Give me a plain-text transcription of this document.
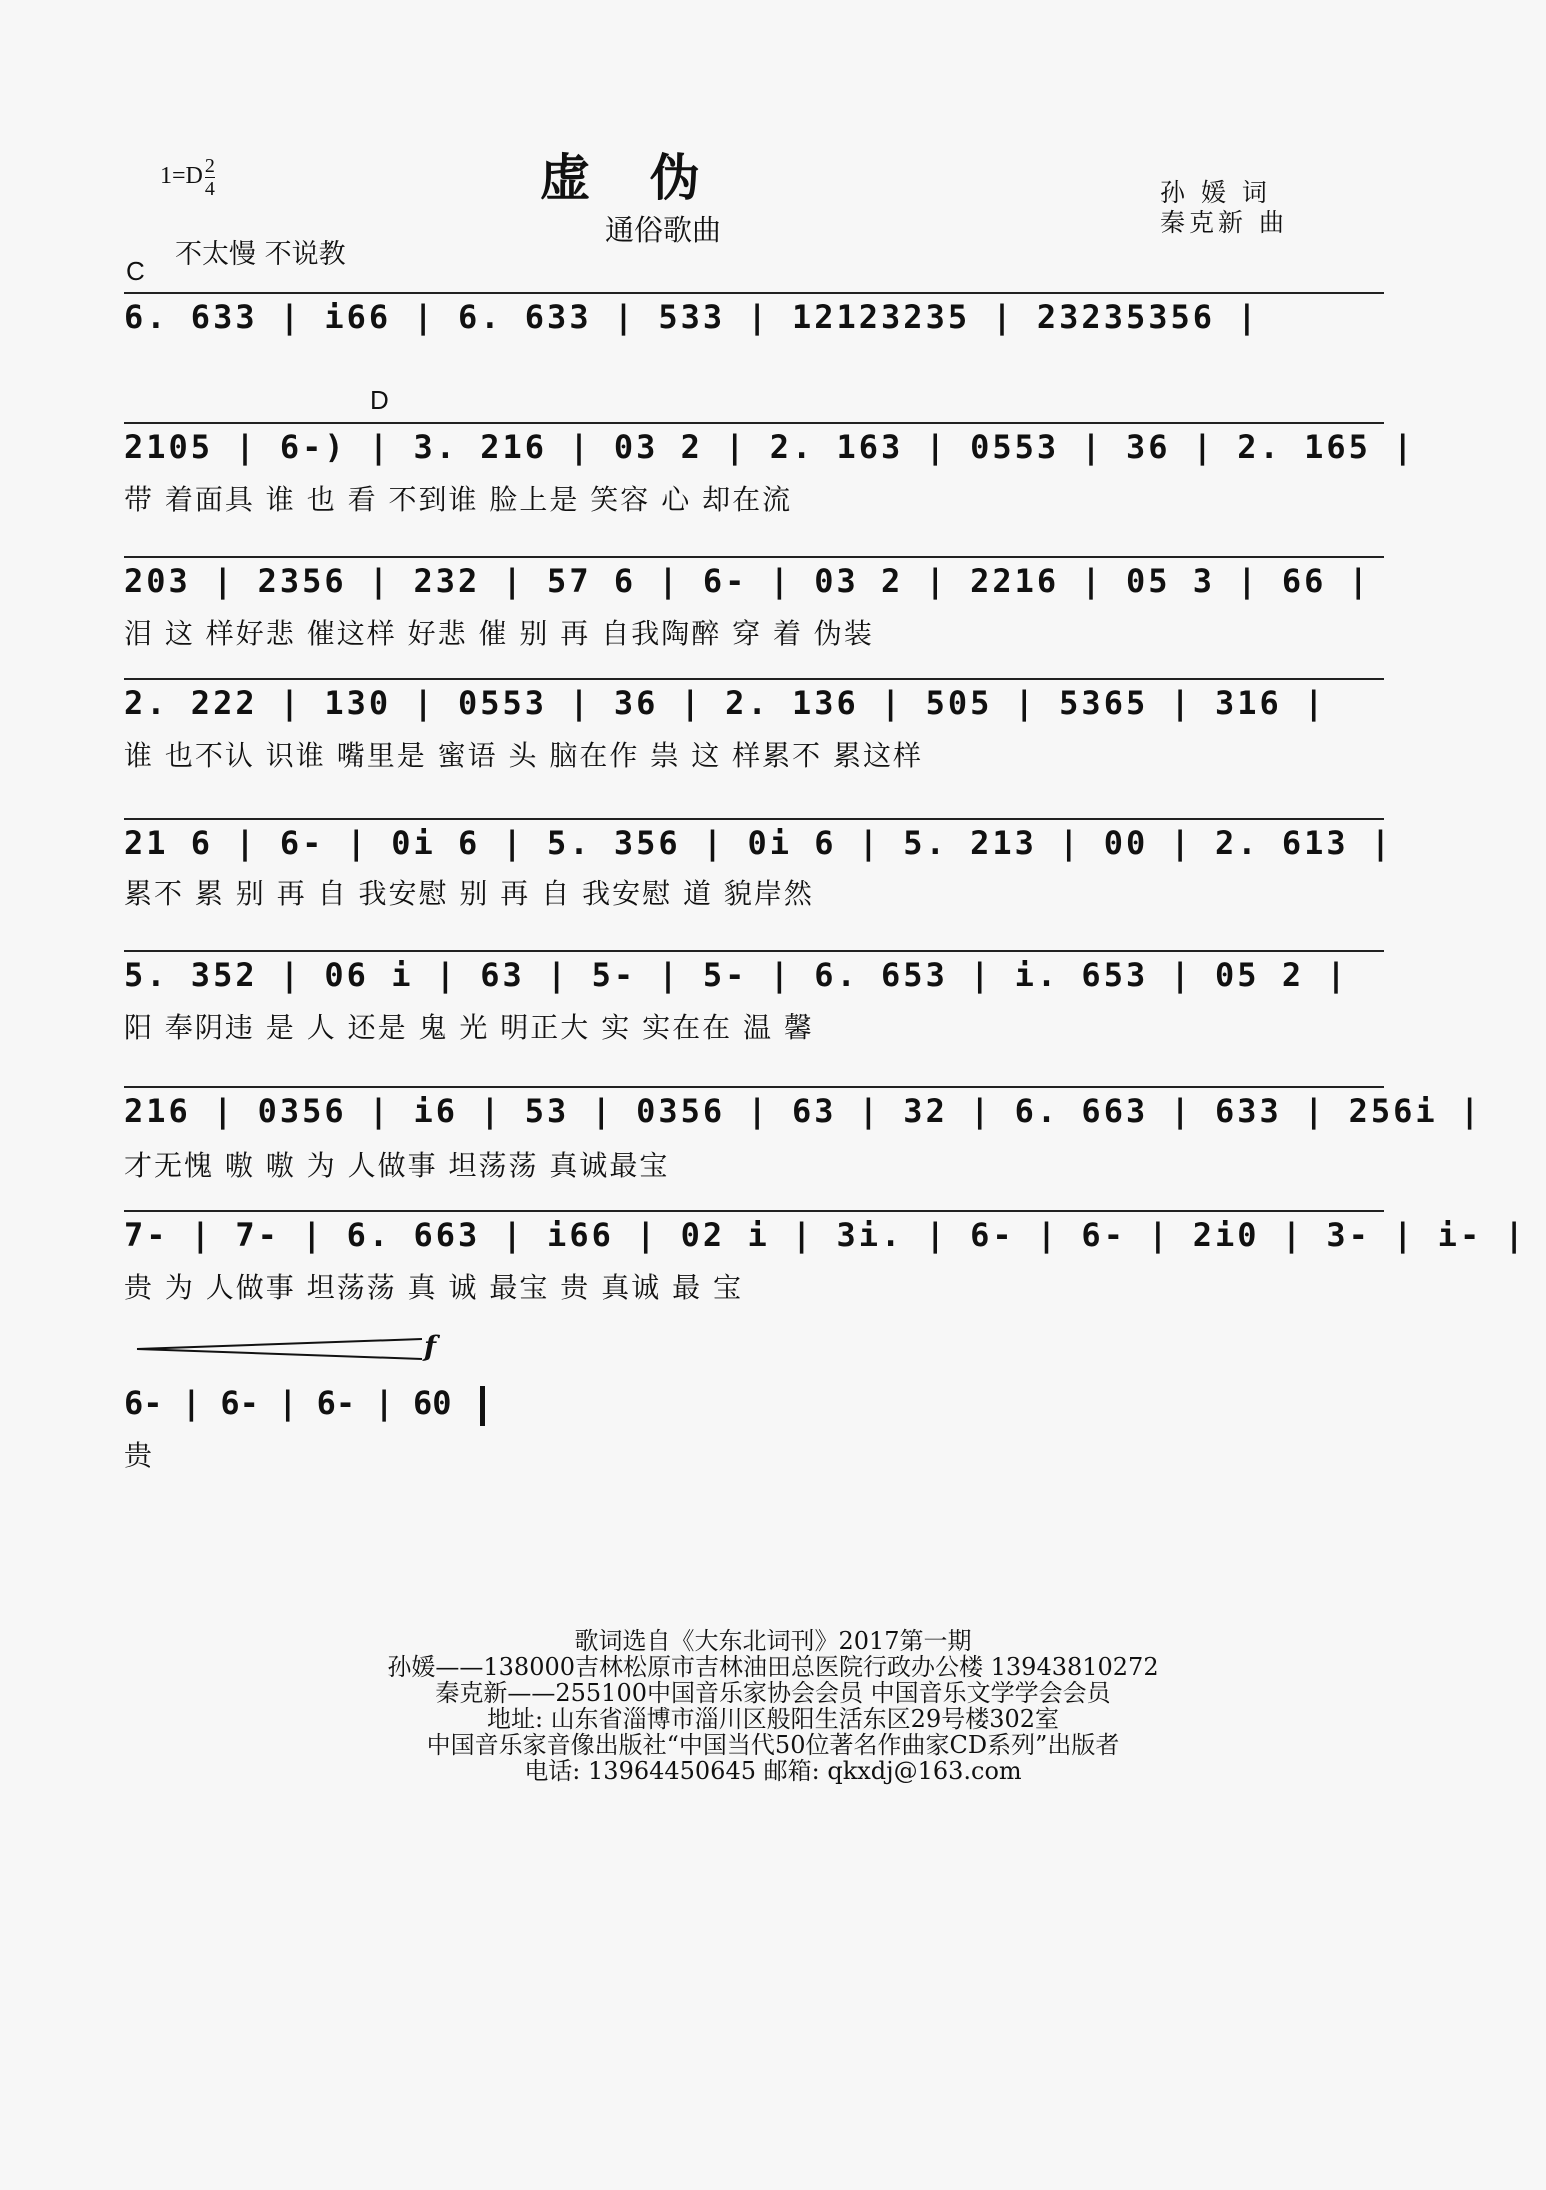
$1=D \frac{2}{4}$
不太慢 不说教
虚伪
通俗歌曲
孙 媛 词
秦克新 曲
C
D
6. 633 | i66 | 6. 633 | 533 | 12123235 | 23235356 |
2105 | 6-) | 3. 216 | 03 2 | 2. 163 | 0553 | 36 | 2. 165 |
带 着面具 谁 也 看 不到谁 脸上是 笑容 心 却在流
203 | 2356 | 232 | 57 6 | 6- | 03 2 | 2216 | 05 3 | 66 |
泪 这 样好悲 催这样 好悲 催 别 再 自我陶醉 穿 着 伪装
2. 222 | 130 | 0553 | 36 | 2. 136 | 505 | 5365 | 316 |
谁 也不认 识谁 嘴里是 蜜语 头 脑在作 祟 这 样累不 累这样
21 6 | 6- | 0i 6 | 5. 356 | 0i 6 | 5. 213 | 00 | 2. 613 |
累不 累 别 再 自 我安慰 别 再 自 我安慰 道 貌岸然
5. 352 | 06 i | 63 | 5- | 5- | 6. 653 | i. 653 | 05 2 |
阳 奉阴违 是 人 还是 鬼 光 明正大 实 实在在 温 馨
216 | 0356 | i6 | 53 | 0356 | 63 | 32 | 6. 663 | 633 | 256i |
才无愧 嗷 嗷 为 人做事 坦荡荡 真诚最宝
7- | 7- | 6. 663 | i66 | 02 i | 3i. | 6- | 6- | 2i0 | 3- | i- |
贵 为 人做事 坦荡荡 真 诚 最宝 贵 真诚 最 宝
f
6- | 6- | 6- | 60
贵
歌词选自《大东北词刊》2017第一期
孙媛——138000吉林松原市吉林油田总医院行政办公楼 13943810272
秦克新——255100中国音乐家协会会员 中国音乐文学学会会员
地址: 山东省淄博市淄川区般阳生活东区29号楼302室
中国音乐家音像出版社“中国当代50位著名作曲家CD系列”出版者
电话: 13964450645 邮箱: qkxdj@163.com
